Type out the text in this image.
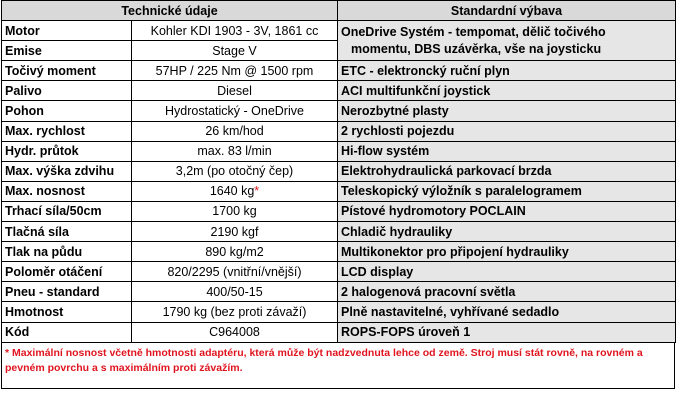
Technické údaje		Standardní výbava
Motor	Kohler KDI 1903 - 3V, 1861 cc	OneDrive Systém - tempomat, dělič točivého
momentu, DBS uzávěrka, vše na joysticku

Emise	Stage V	
Točivý moment	57HP / 225 Nm @ 1500 rpm	ETC - elektroncký ruční plyn
Palivo	Diesel	ACI multifunkční joystick
Pohon	Hydrostatický - OneDrive	Nerozbytné plasty
Max. rychlost	26 km/hod	2 rychlosti pojezdu
Hydr. průtok	max. 83 l/min	Hi-flow systém
Max. výška zdvihu	3,2m (po otočný čep)	Elektrohydraulická parkovací brzda
Max. nosnost	1640 kg*	Teleskopický výložník s paralelogramem
Trhací síla/50cm	1700 kg	Pístové hydromotory POCLAIN
Tlačná síla	2190 kgf	Chladič hydrauliky
Tlak na půdu	890 kg/m2	Multikonektor pro připojení hydrauliky
Poloměr otáčení	820/2295 (vnitřní/vnější)	LCD display
Pneu - standard	400/50-15	2 halogenová pracovní světla
Hmotnost	1790 kg (bez proti závaží)	Plně nastavitelné, vyhřívané sedadlo
Kód	C964008	ROPS-FOPS úroveň 1
* Maximální nosnost včetně hmotnosti adaptéru, která může být nadzvednuta lehce od země. Stroj musí stát rovně, na rovném a pevném povrchu a s maximálním proti závažím.
